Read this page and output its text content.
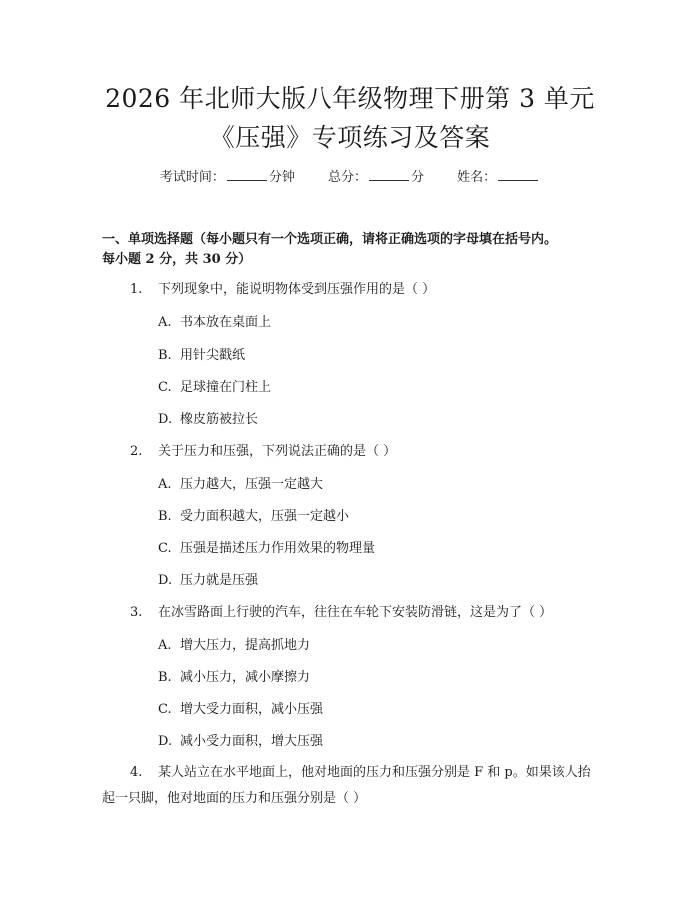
2026 年北师大版八年级物理下册第 3 单元
《压强》专项练习及答案
考试时间：	分钟	总分：	分	姓名：
一、单项选择题（每小题只有一个选项正确，请将正确选项的字母填在括号内。
每小题 2 分，共 30 分）
1. 下列现象中，能说明物体受到压强作用的是（ ）
A. 书本放在桌面上
B. 用针尖戳纸
C. 足球撞在门柱上
D. 橡皮筋被拉长
2. 关于压力和压强，下列说法正确的是（ ）
A. 压力越大，压强一定越大
B. 受力面积越大，压强一定越小
C. 压强是描述压力作用效果的物理量
D. 压力就是压强
3. 在冰雪路面上行驶的汽车，往往在车轮下安装防滑链，这是为了（ ）
A. 增大压力，提高抓地力
B. 减小压力，减小摩擦力
C. 增大受力面积，减小压强
D. 减小受力面积，增大压强
4. 某人站立在水平地面上，他对地面的压力和压强分别是 F 和 p。如果该人抬起一只脚，他对地面的压力和压强分别是（ ）
